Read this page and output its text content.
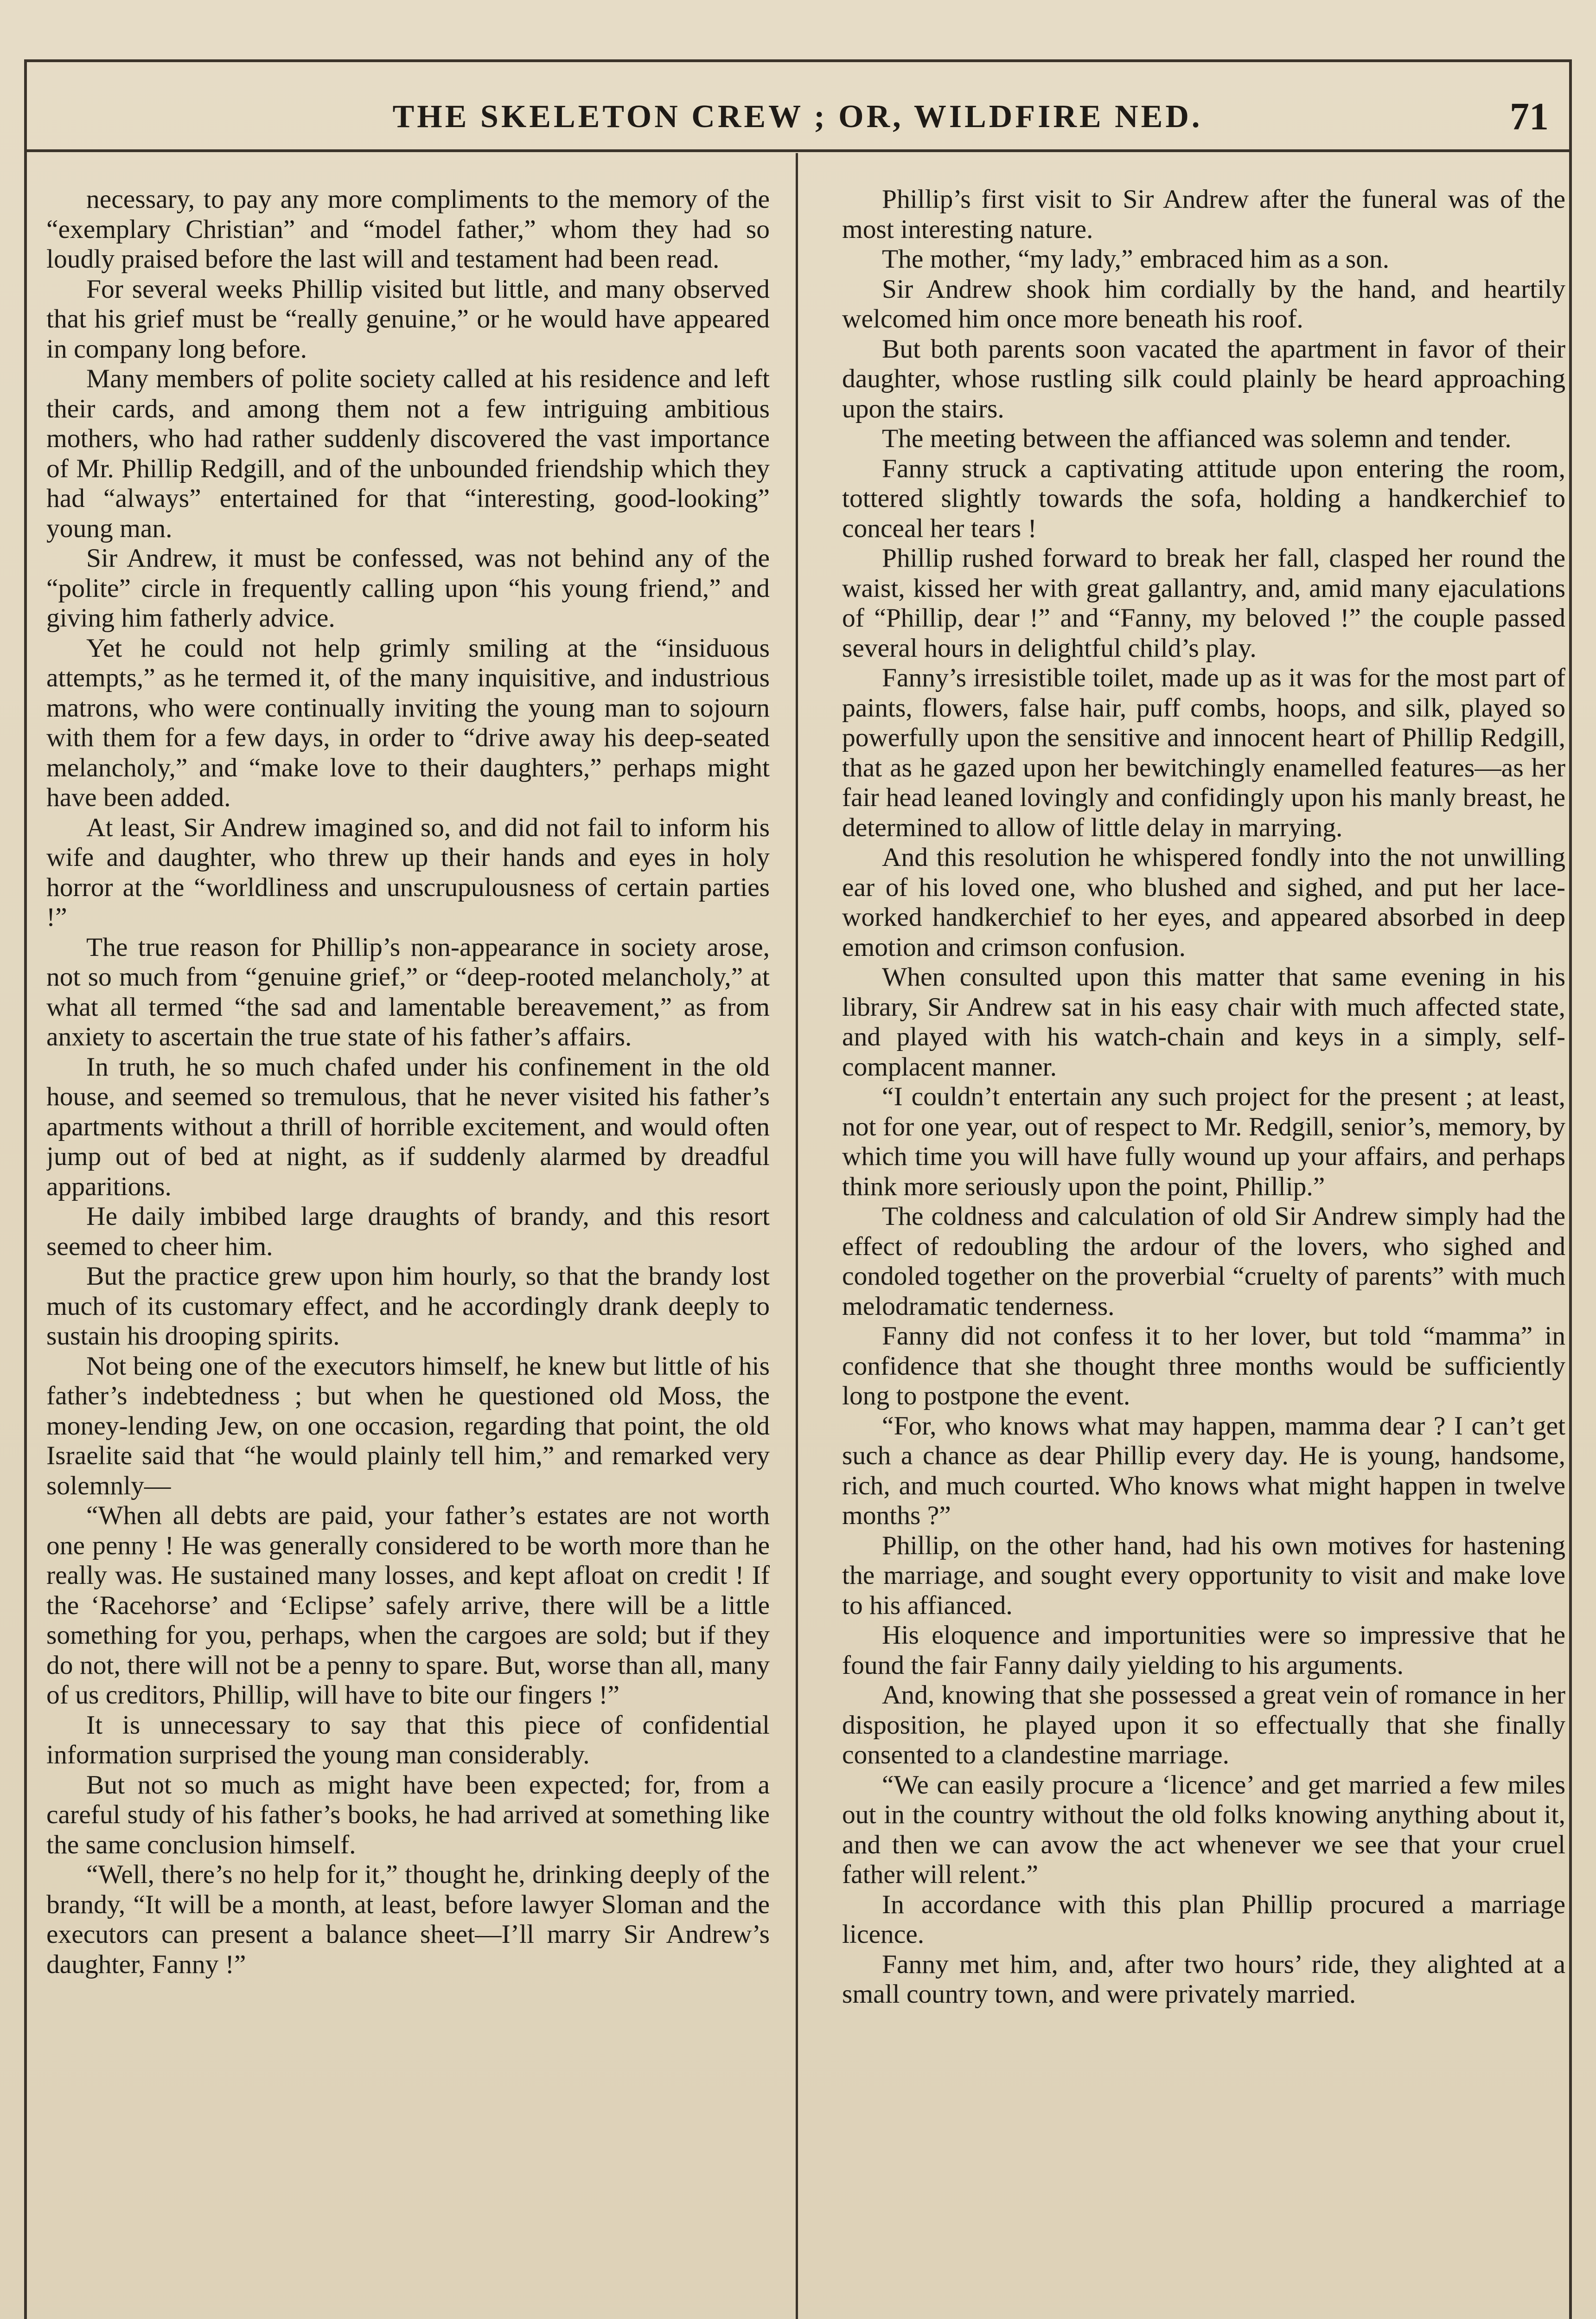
THE SKELETON CREW ; OR, WILDFIRE NED.	71

necessary, to pay any more compliments to the memory of the “exemplary Christian” and “model father,” whom they had so loudly praised before the last will and testament had been read.

For several weeks Phillip visited but little, and many observed that his grief must be “really genuine,” or he would have appeared in company long before.

Many members of polite society called at his residence and left their cards, and among them not a few intriguing ambitious mothers, who had rather suddenly discovered the vast importance of Mr. Phillip Redgill, and of the unbounded friendship which they had “always” entertained for that “interesting, good-looking” young man.

Sir Andrew, it must be confessed, was not behind any of the “polite” circle in frequently calling upon “his young friend,” and giving him fatherly advice.

Yet he could not help grimly smiling at the “insiduous attempts,” as he termed it, of the many inquisitive, and industrious matrons, who were continually inviting the young man to sojourn with them for a few days, in order to “drive away his deep-seated melancholy,” and “make love to their daughters,” perhaps might have been added.

At least, Sir Andrew imagined so, and did not fail to inform his wife and daughter, who threw up their hands and eyes in holy horror at the “worldliness and unscrupulousness of certain parties !”

The true reason for Phillip’s non-appearance in society arose, not so much from “genuine grief,” or “deep-rooted melancholy,” at what all termed “the sad and lamentable bereavement,” as from anxiety to ascertain the true state of his father’s affairs.

In truth, he so much chafed under his confinement in the old house, and seemed so tremulous, that he never visited his father’s apartments without a thrill of horrible excitement, and would often jump out of bed at night, as if suddenly alarmed by dreadful apparitions.

He daily imbibed large draughts of brandy, and this resort seemed to cheer him.

But the practice grew upon him hourly, so that the brandy lost much of its customary effect, and he accordingly drank deeply to sustain his drooping spirits.

Not being one of the executors himself, he knew but little of his father’s indebtedness ; but when he questioned old Moss, the money-lending Jew, on one occasion, regarding that point, the old Israelite said that “he would plainly tell him,” and remarked very solemnly—

“When all debts are paid, your father’s estates are not worth one penny ! He was generally considered to be worth more than he really was. He sustained many losses, and kept afloat on credit ! If the ‘Racehorse’ and ‘Eclipse’ safely arrive, there will be a little something for you, perhaps, when the cargoes are sold; but if they do not, there will not be a penny to spare. But, worse than all, many of us creditors, Phillip, will have to bite our fingers !”

It is unnecessary to say that this piece of confidential information surprised the young man considerably.

But not so much as might have been expected; for, from a careful study of his father’s books, he had arrived at something like the same conclusion himself.

“Well, there’s no help for it,” thought he, drinking deeply of the brandy, “It will be a month, at least, before lawyer Sloman and the executors can present a balance sheet—I’ll marry Sir Andrew’s daughter, Fanny !”

Phillip’s first visit to Sir Andrew after the funeral was of the most interesting nature.

The mother, “my lady,” embraced him as a son.

Sir Andrew shook him cordially by the hand, and heartily welcomed him once more beneath his roof.

But both parents soon vacated the apartment in favor of their daughter, whose rustling silk could plainly be heard approaching upon the stairs.

The meeting between the affianced was solemn and tender.

Fanny struck a captivating attitude upon entering the room, tottered slightly towards the sofa, holding a handkerchief to conceal her tears !

Phillip rushed forward to break her fall, clasped her round the waist, kissed her with great gallantry, and, amid many ejaculations of “Phillip, dear !” and “Fanny, my beloved !” the couple passed several hours in delightful child’s play.

Fanny’s irresistible toilet, made up as it was for the most part of paints, flowers, false hair, puff combs, hoops, and silk, played so powerfully upon the sensitive and innocent heart of Phillip Redgill, that as he gazed upon her bewitchingly enamelled features—as her fair head leaned lovingly and confidingly upon his manly breast, he determined to allow of little delay in marrying.

And this resolution he whispered fondly into the not unwilling ear of his loved one, who blushed and sighed, and put her lace-worked handkerchief to her eyes, and appeared absorbed in deep emotion and crimson confusion.

When consulted upon this matter that same evening in his library, Sir Andrew sat in his easy chair with much affected state, and played with his watch-chain and keys in a simply, self-complacent manner.

“I couldn’t entertain any such project for the present ; at least, not for one year, out of respect to Mr. Redgill, senior’s, memory, by which time you will have fully wound up your affairs, and perhaps think more seriously upon the point, Phillip.”

The coldness and calculation of old Sir Andrew simply had the effect of redoubling the ardour of the lovers, who sighed and condoled together on the proverbial “cruelty of parents” with much melodramatic tenderness.

Fanny did not confess it to her lover, but told “mamma” in confidence that she thought three months would be sufficiently long to postpone the event.

“For, who knows what may happen, mamma dear ? I can’t get such a chance as dear Phillip every day. He is young, handsome, rich, and much courted. Who knows what might happen in twelve months ?”

Phillip, on the other hand, had his own motives for hastening the marriage, and sought every opportunity to visit and make love to his affianced.

His eloquence and importunities were so impressive that he found the fair Fanny daily yielding to his arguments.

And, knowing that she possessed a great vein of romance in her disposition, he played upon it so effectually that she finally consented to a clandestine marriage.

“We can easily procure a ‘licence’ and get married a few miles out in the country without the old folks knowing anything about it, and then we can avow the act whenever we see that your cruel father will relent.”

In accordance with this plan Phillip procured a marriage licence.

Fanny met him, and, after two hours’ ride, they alighted at a small country town, and were privately married.
